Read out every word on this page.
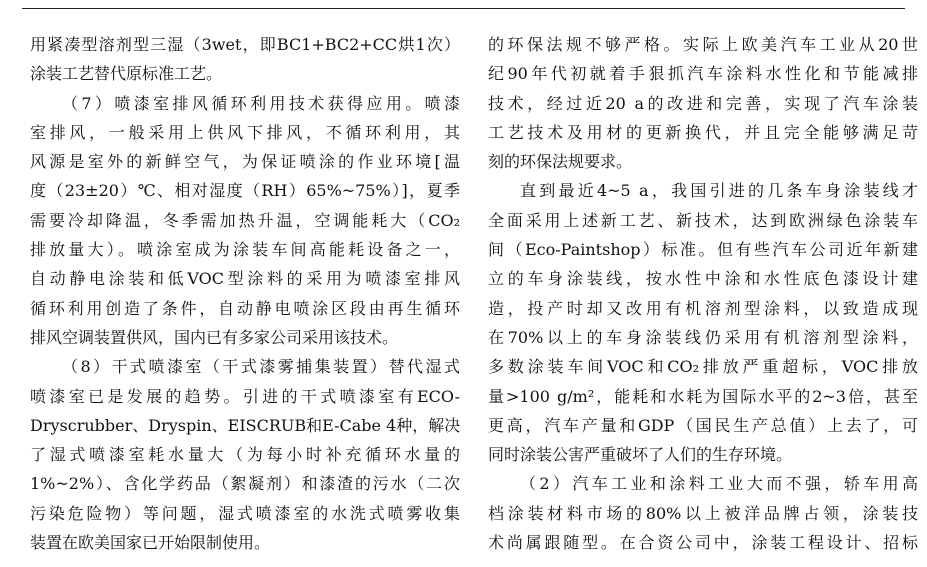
用紧凑型溶剂型三湿（3wet，即BC1+BC2+CC烘1次）
涂装工艺替代原标准工艺。
（7）喷漆室排风循环利用技术获得应用。喷漆
室排风，一般采用上供风下排风，不循环利用，其
风源是室外的新鲜空气，为保证喷涂的作业环境[温
度（23±20）℃、相对湿度（RH）65%~75%）]，夏季
需要冷却降温，冬季需加热升温，空调能耗大（CO₂
排放量大）。喷涂室成为涂装车间高能耗设备之一，
自动静电涂装和低VOC型涂料的采用为喷漆室排风
循环利用创造了条件，自动静电喷涂区段由再生循环
排风空调装置供风，国内已有多家公司采用该技术。
（8）干式喷漆室（干式漆雾捕集装置）替代湿式
喷漆室已是发展的趋势。引进的干式喷漆室有ECO-
Dryscrubber、Dryspin、EISCRUB和E-Cabe 4种，解决
了湿式喷漆室耗水量大（为每小时补充循环水量的
1%~2%）、含化学药品（絮凝剂）和漆渣的污水（二次
污染危险物）等问题，湿式喷漆室的水洗式喷雾收集
装置在欧美国家已开始限制使用。
的环保法规不够严格。实际上欧美汽车工业从20世
纪90年代初就着手狠抓汽车涂料水性化和节能减排
技术，经过近20 a的改进和完善，实现了汽车涂装
工艺技术及用材的更新换代，并且完全能够满足苛
刻的环保法规要求。
直到最近4~5 a，我国引进的几条车身涂装线才
全面采用上述新工艺、新技术，达到欧洲绿色涂装车
间（Eco-Paintshop）标准。但有些汽车公司近年新建
立的车身涂装线，按水性中涂和水性底色漆设计建
造，投产时却又改用有机溶剂型涂料，以致造成现
在70%以上的车身涂装线仍采用有机溶剂型涂料，
多数涂装车间VOC和CO₂排放严重超标，VOC排放
量>100 g/m²，能耗和水耗为国际水平的2~3倍，甚至
更高，汽车产量和GDP（国民生产总值）上去了，可
同时涂装公害严重破坏了人们的生存环境。
（2）汽车工业和涂料工业大而不强，轿车用高
档涂装材料市场的80%以上被洋品牌占领，涂装技
术尚属跟随型。在合资公司中，涂装工程设计、招标
